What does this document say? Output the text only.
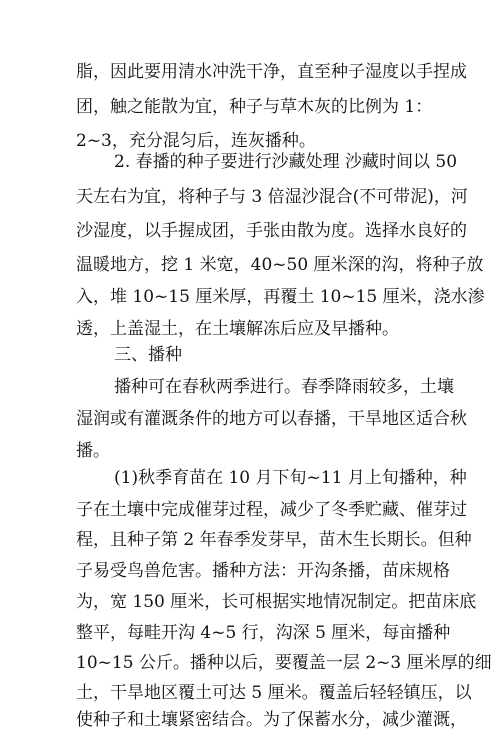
脂，因此要用清水冲洗干净，直至种子湿度以手捏成
团，触之能散为宜，种子与草木灰的比例为 1：
2~3，充分混匀后，连灰播种。
2. 春播的种子要进行沙藏处理 沙藏时间以 50
天左右为宜，将种子与 3 倍湿沙混合(不可带泥)，河
沙湿度，以手握成团，手张由散为度。选择水良好的
温暖地方，挖 1 米宽，40~50 厘米深的沟，将种子放
入，堆 10~15 厘米厚，再覆土 10~15 厘米，浇水渗
透，上盖湿土，在土壤解冻后应及早播种。
三、播种
播种可在春秋两季进行。春季降雨较多，土壤
湿润或有灌溉条件的地方可以春播，干旱地区适合秋
播。
(1)秋季育苗在 10 月下旬~11 月上旬播种，种
子在土壤中完成催芽过程，减少了冬季贮藏、催芽过
程，且种子第 2 年春季发芽早，苗木生长期长。但种
子易受鸟兽危害。播种方法：开沟条播，苗床规格
为，宽 150 厘米，长可根据实地情况制定。把苗床底
整平，每畦开沟 4~5 行，沟深 5 厘米，每亩播种
10~15 公斤。播种以后，要覆盖一层 2~3 厘米厚的细
土，干旱地区覆土可达 5 厘米。覆盖后轻轻镇压，以
使种子和土壤紧密结合。为了保蓄水分，减少灌溉，
